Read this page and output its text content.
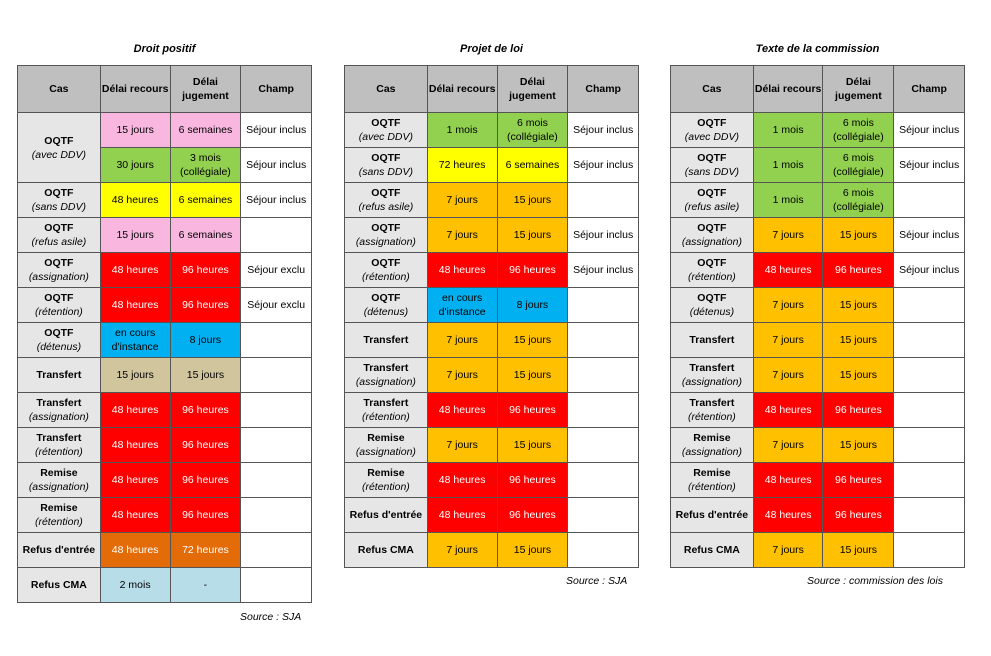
Droit positif
Cas	Délai recours	Délai jugement	Champ

OQTF
(avec DDV)	15 jours	6 semaines	Séjour inclus
	30 jours	3 mois (collégiale)	Séjour inclus

OQTF
(sans DDV)	48 heures	6 semaines	Séjour inclus

OQTF
(refus asile)	15 jours	6 semaines	

OQTF
(assignation)	48 heures	96 heures	Séjour exclu

OQTF
(rétention)	48 heures	96 heures	Séjour exclu

OQTF
(détenus)	en cours d'instance	8 jours	

Transfert	15 jours	15 jours	

Transfert
(assignation)	48 heures	96 heures	

Transfert
(rétention)	48 heures	96 heures	

Remise
(assignation)	48 heures	96 heures	

Remise
(rétention)	48 heures	96 heures	

Refus d'entrée	48 heures	72 heures	

Refus CMA	2 mois	-	
Source : SJA
Projet de loi
Cas	Délai recours	Délai jugement	Champ

OQTF
(avec DDV)	1 mois	6 mois (collégiale)	Séjour inclus

OQTF
(sans DDV)	72 heures	6 semaines	Séjour inclus

OQTF
(refus asile)	7 jours	15 jours	

OQTF
(assignation)	7 jours	15 jours	Séjour inclus

OQTF
(rétention)	48 heures	96 heures	Séjour inclus

OQTF
(détenus)	en cours d'instance	8 jours	

Transfert	7 jours	15 jours	

Transfert
(assignation)	7 jours	15 jours	

Transfert
(rétention)	48 heures	96 heures	

Remise
(assignation)	7 jours	15 jours	

Remise
(rétention)	48 heures	96 heures	

Refus d'entrée	48 heures	96 heures	

Refus CMA	7 jours	15 jours	
Source : SJA
Texte de la commission
Cas	Délai recours	Délai jugement	Champ

OQTF
(avec DDV)	1 mois	6 mois (collégiale)	Séjour inclus

OQTF
(sans DDV)	1 mois	6 mois (collégiale)	Séjour inclus

OQTF
(refus asile)	1 mois	6 mois (collégiale)	

OQTF
(assignation)	7 jours	15 jours	Séjour inclus

OQTF
(rétention)	48 heures	96 heures	Séjour inclus

OQTF
(détenus)	7 jours	15 jours	

Transfert	7 jours	15 jours	

Transfert
(assignation)	7 jours	15 jours	

Transfert
(rétention)	48 heures	96 heures	

Remise
(assignation)	7 jours	15 jours	

Remise
(rétention)	48 heures	96 heures	

Refus d'entrée	48 heures	96 heures	

Refus CMA	7 jours	15 jours	
Source : commission des lois
